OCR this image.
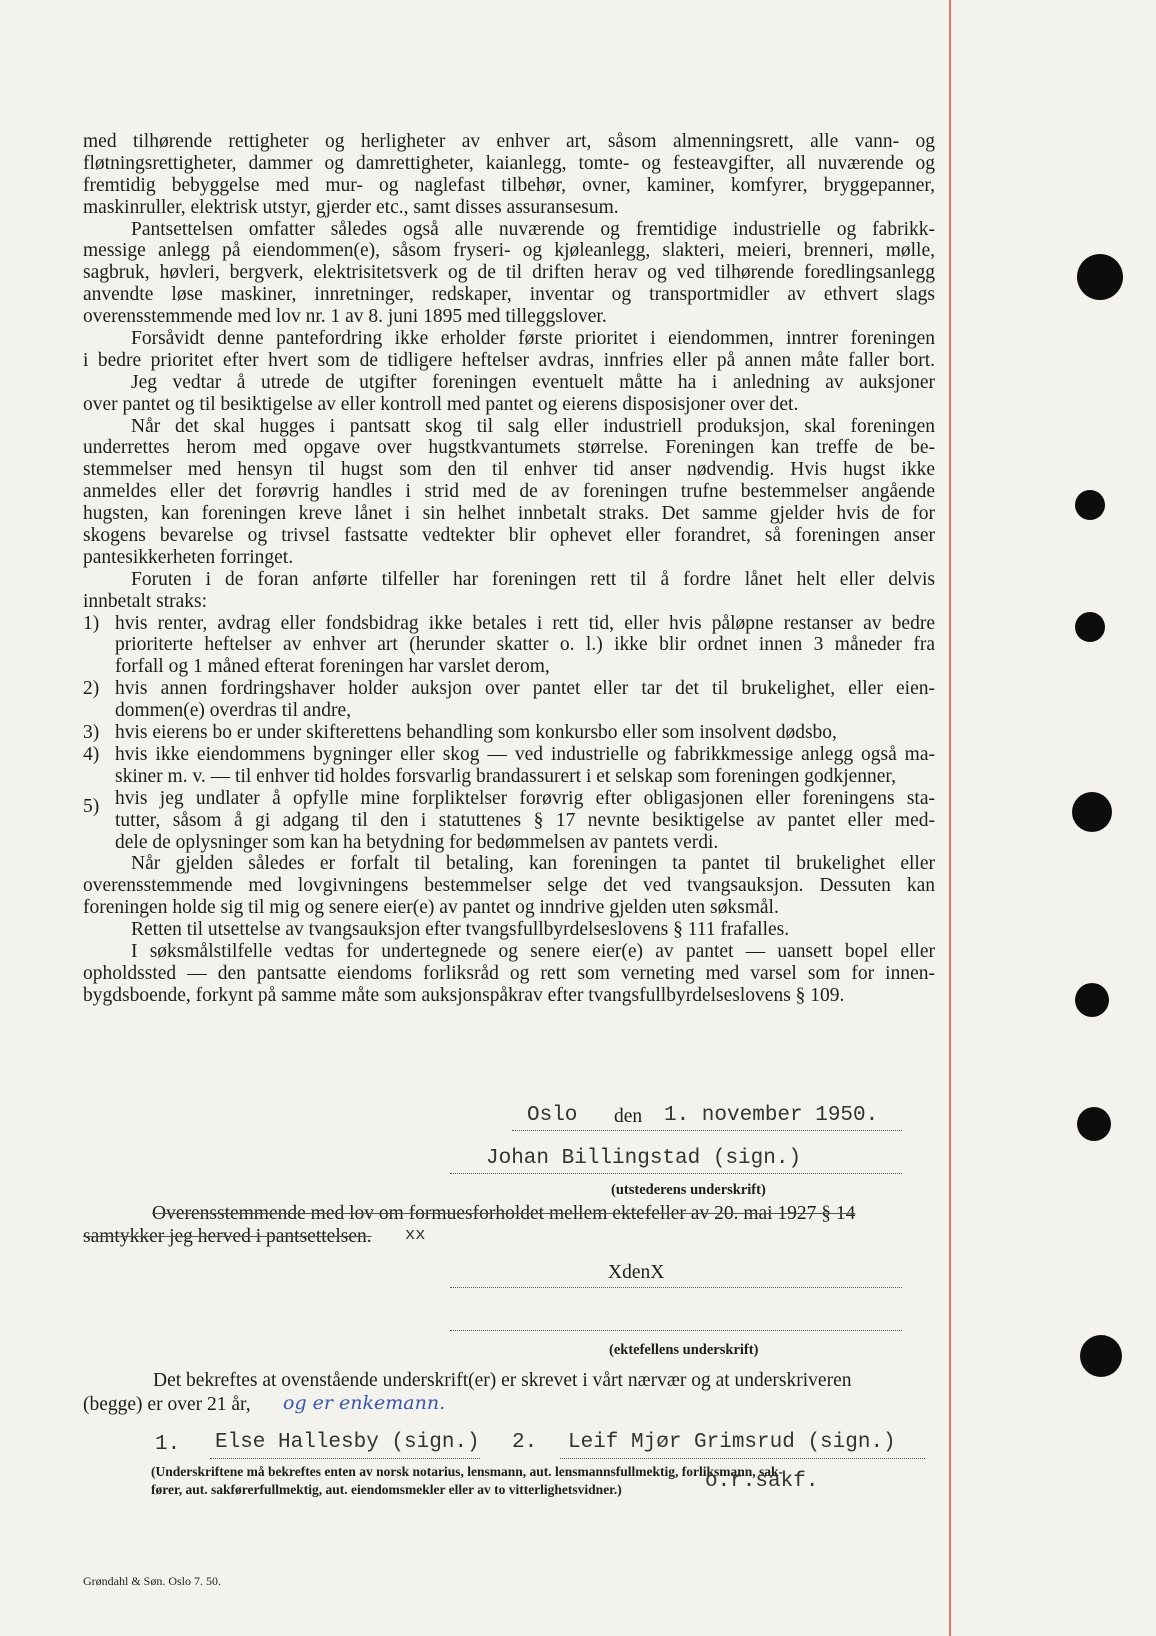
med tilhørende rettigheter og herligheter av enhver art, såsom almenningsrett, alle vann- og
fløtningsrettigheter, dammer og damrettigheter, kaianlegg, tomte- og festeavgifter, all nuværende og
fremtidig bebyggelse med mur- og naglefast tilbehør, ovner, kaminer, komfyrer, bryggepanner,
maskinruller, elektrisk utstyr, gjerder etc., samt disses assuransesum.
Pantsettelsen omfatter således også alle nuværende og fremtidige industrielle og fabrikk-
messige anlegg på eiendommen(e), såsom fryseri- og kjøleanlegg, slakteri, meieri, brenneri, mølle,
sagbruk, høvleri, bergverk, elektrisitetsverk og de til driften herav og ved tilhørende foredlingsanlegg
anvendte løse maskiner, innretninger, redskaper, inventar og transportmidler av ethvert slags
overensstemmende med lov nr. 1 av 8. juni 1895 med tilleggslover.
Forsåvidt denne pantefordring ikke erholder første prioritet i eiendommen, inntrer foreningen
i bedre prioritet efter hvert som de tidligere heftelser avdras, innfries eller på annen måte faller bort.
Jeg vedtar å utrede de utgifter foreningen eventuelt måtte ha i anledning av auksjoner
over pantet og til besiktigelse av eller kontroll med pantet og eierens disposisjoner over det.
Når det skal hugges i pantsatt skog til salg eller industriell produksjon, skal foreningen
underrettes herom med opgave over hugstkvantumets størrelse. Foreningen kan treffe de be-
stemmelser med hensyn til hugst som den til enhver tid anser nødvendig. Hvis hugst ikke
anmeldes eller det forøvrig handles i strid med de av foreningen trufne bestemmelser angående
hugsten, kan foreningen kreve lånet i sin helhet innbetalt straks. Det samme gjelder hvis de for
skogens bevarelse og trivsel fastsatte vedtekter blir ophevet eller forandret, så foreningen anser
pantesikkerheten forringet.
Foruten i de foran anførte tilfeller har foreningen rett til å fordre lånet helt eller delvis
innbetalt straks:
1) hvis renter, avdrag eller fondsbidrag ikke betales i rett tid, eller hvis påløpne restanser av bedre
prioriterte heftelser av enhver art (herunder skatter o. l.) ikke blir ordnet innen 3 måneder fra
forfall og 1 måned efterat foreningen har varslet derom,
2) hvis annen fordringshaver holder auksjon over pantet eller tar det til brukelighet, eller eien-
dommen(e) overdras til andre,
3) hvis eierens bo er under skifterettens behandling som konkursbo eller som insolvent dødsbo,
4) hvis ikke eiendommens bygninger eller skog — ved industrielle og fabrikkmessige anlegg også ma-
skiner m. v. — til enhver tid holdes forsvarlig brandassurert i et selskap som foreningen godkjenner,
5) hvis jeg undlater å opfylle mine forpliktelser forøvrig efter obligasjonen eller foreningens sta-
tutter, såsom å gi adgang til den i statuttenes § 17 nevnte besiktigelse av pantet eller med-
dele de oplysninger som kan ha betydning for bedømmelsen av pantets verdi.
Når gjelden således er forfalt til betaling, kan foreningen ta pantet til brukelighet eller
overensstemmende med lovgivningens bestemmelser selge det ved tvangsauksjon. Dessuten kan
foreningen holde sig til mig og senere eier(e) av pantet og inndrive gjelden uten søksmål.
Retten til utsettelse av tvangsauksjon efter tvangsfullbyrdelseslovens § 111 frafalles.
I søksmålstilfelle vedtas for undertegnede og senere eier(e) av pantet — uansett bopel eller
opholdssted — den pantsatte eiendoms forliksråd og rett som verneting med varsel som for innen-
bygdsboende, forkynt på samme måte som auksjonspåkrav efter tvangsfullbyrdelseslovens § 109.
Oslo den 1. november 1950.
Johan Billingstad (sign.)
(utstederens underskrift)
Overensstemmende med lov om formuesforholdet mellem ektefeller av 20. mai 1927 § 14
samtykker jeg herved i pantsettelsen. xx
XdenX
(ektefellens underskrift)
Det bekreftes at ovenstående underskrift(er) er skrevet i vårt nærvær og at underskriveren
(begge) er over 21 år, og er enkemann.
1. Else Hallesby (sign.) 2. Leif Mjør Grimsrud (sign.)
(Underskriftene må bekreftes enten av norsk notarius, lensmann, aut. lensmannsfullmektig, forliksmann, sak-
fører, aut. sakførerfullmektig, aut. eiendomsmekler eller av to vitterlighetsvidner.)	o.r.sakf.
Grøndahl & Søn. Oslo 7. 50.
